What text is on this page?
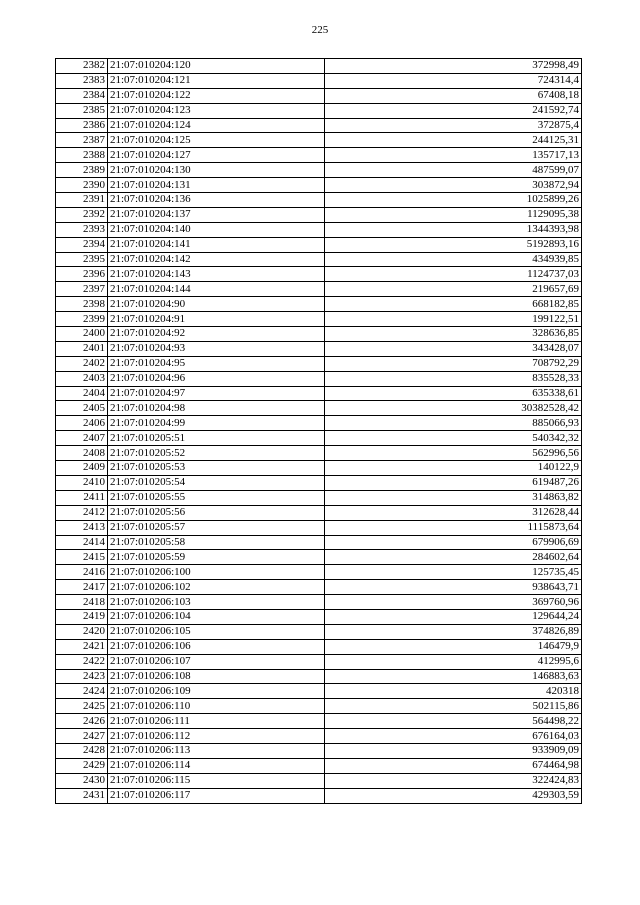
225
2382	21:07:010204:120	372998,49
2383	21:07:010204:121	724314,4
2384	21:07:010204:122	67408,18
2385	21:07:010204:123	241592,74
2386	21:07:010204:124	372875,4
2387	21:07:010204:125	244125,31
2388	21:07:010204:127	135717,13
2389	21:07:010204:130	487599,07
2390	21:07:010204:131	303872,94
2391	21:07:010204:136	1025899,26
2392	21:07:010204:137	1129095,38
2393	21:07:010204:140	1344393,98
2394	21:07:010204:141	5192893,16
2395	21:07:010204:142	434939,85
2396	21:07:010204:143	1124737,03
2397	21:07:010204:144	219657,69
2398	21:07:010204:90	668182,85
2399	21:07:010204:91	199122,51
2400	21:07:010204:92	328636,85
2401	21:07:010204:93	343428,07
2402	21:07:010204:95	708792,29
2403	21:07:010204:96	835528,33
2404	21:07:010204:97	635338,61
2405	21:07:010204:98	30382528,42
2406	21:07:010204:99	885066,93
2407	21:07:010205:51	540342,32
2408	21:07:010205:52	562996,56
2409	21:07:010205:53	140122,9
2410	21:07:010205:54	619487,26
2411	21:07:010205:55	314863,82
2412	21:07:010205:56	312628,44
2413	21:07:010205:57	1115873,64
2414	21:07:010205:58	679906,69
2415	21:07:010205:59	284602,64
2416	21:07:010206:100	125735,45
2417	21:07:010206:102	938643,71
2418	21:07:010206:103	369760,96
2419	21:07:010206:104	129644,24
2420	21:07:010206:105	374826,89
2421	21:07:010206:106	146479,9
2422	21:07:010206:107	412995,6
2423	21:07:010206:108	146883,63
2424	21:07:010206:109	420318
2425	21:07:010206:110	502115,86
2426	21:07:010206:111	564498,22
2427	21:07:010206:112	676164,03
2428	21:07:010206:113	933909,09
2429	21:07:010206:114	674464,98
2430	21:07:010206:115	322424,83
2431	21:07:010206:117	429303,59
